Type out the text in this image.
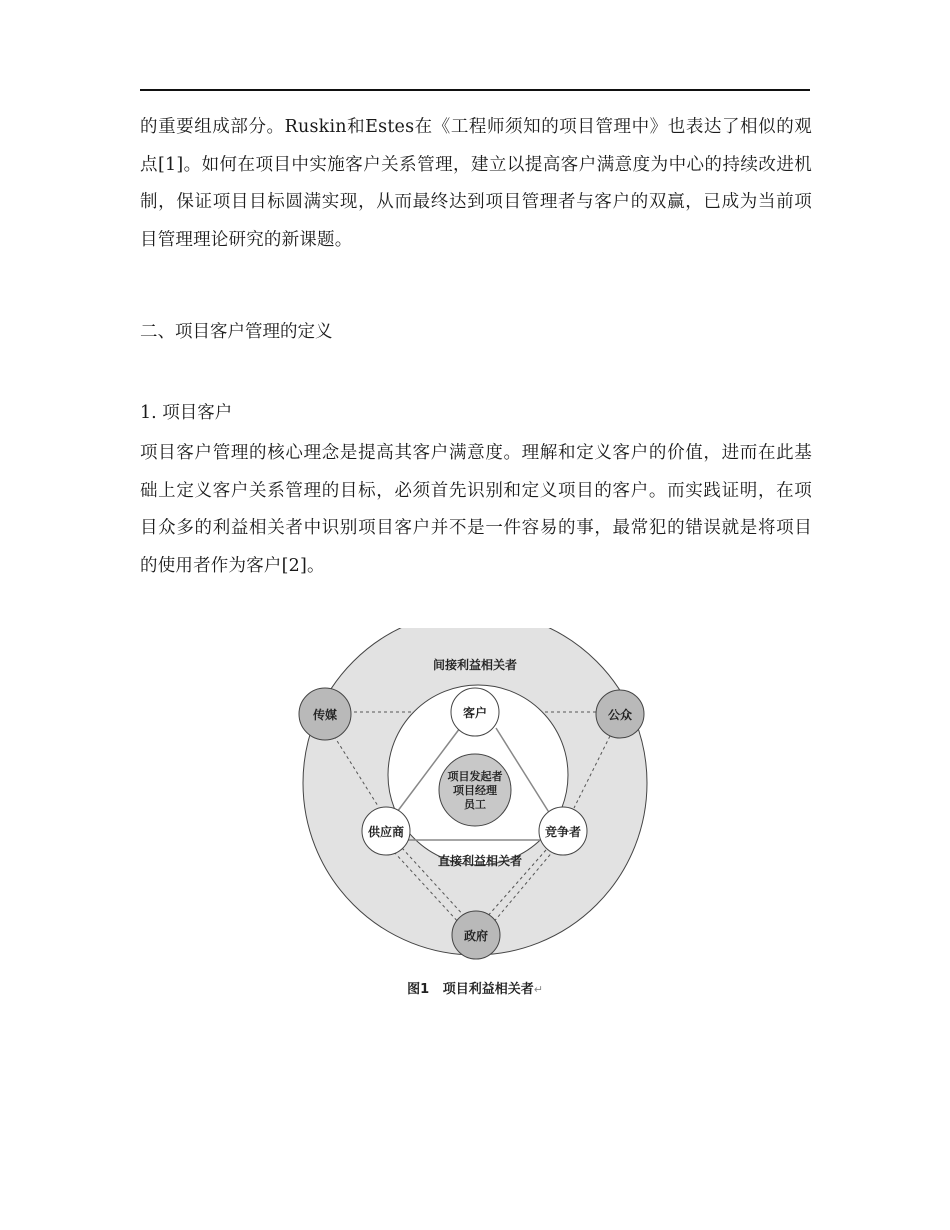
的重要组成部分。Ruskin和Estes在《工程师须知的项目管理中》也表达了相似的观点[1]。如何在项目中实施客户关系管理，建立以提高客户满意度为中心的持续改进机制，保证项目目标圆满实现，从而最终达到项目管理者与客户的双赢，已成为当前项目管理理论研究的新课题。

二、项目客户管理的定义

1. 项目客户

项目客户管理的核心理念是提高其客户满意度。理解和定义客户的价值，进而在此基础上定义客户关系管理的目标，必须首先识别和定义项目的客户。而实践证明，在项目众多的利益相关者中识别项目客户并不是一件容易的事，最常犯的错误就是将项目的使用者作为客户[2]。

项目发起者
项目经理
员工
客户
供应商	竞争者
传媒	公众
政府
间接利益相关者
直接利益相关者
图1 项目利益相关者↵
